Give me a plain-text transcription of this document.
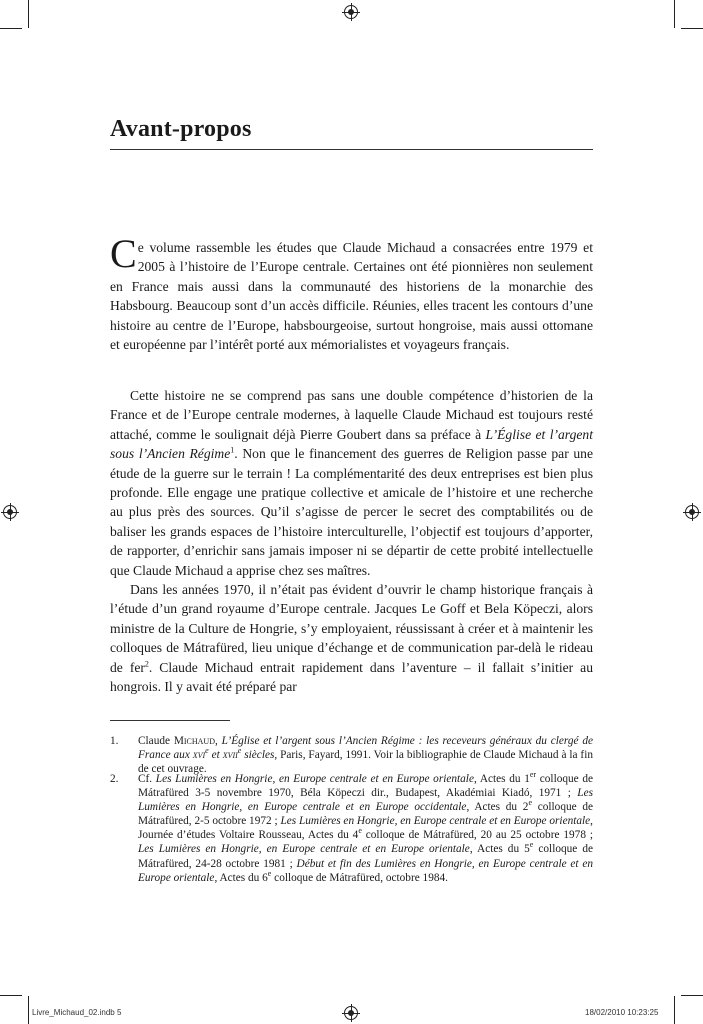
Avant-propos

Ce volume rassemble les études que Claude Michaud a consacrées entre 1979 et 2005 à l’histoire de l’Europe centrale. Certaines ont été pionnières non seulement en France mais aussi dans la communauté des historiens de la monarchie des Habsbourg. Beaucoup sont d’un accès difficile. Réunies, elles tracent les contours d’une histoire au centre de l’Europe, habsbourgeoise, surtout hongroise, mais aussi ottomane et européenne par l’intérêt porté aux mémorialistes et voyageurs français.

Cette histoire ne se comprend pas sans une double compétence d’historien de la France et de l’Europe centrale modernes, à laquelle Claude Michaud est toujours resté attaché, comme le soulignait déjà Pierre Goubert dans sa préface à L’Église et l’argent sous l’Ancien Régime$^1$. Non que le financement des guerres de Religion passe par une étude de la guerre sur le terrain ! La complémentarité des deux entreprises est bien plus profonde. Elle engage une pratique collective et amicale de l’histoire et une recherche au plus près des sources. Qu’il s’agisse de percer le secret des comptabilités ou de baliser les grands espaces de l’histoire interculturelle, l’objectif est toujours d’apporter, de rapporter, d’enrichir sans jamais imposer ni se départir de cette probité intellectuelle que Claude Michaud a apprise chez ses maîtres.

Dans les années 1970, il n’était pas évident d’ouvrir le champ historique français à l’étude d’un grand royaume d’Europe centrale. Jacques Le Goff et Bela Köpeczi, alors ministre de la Culture de Hongrie, s’y employaient, réussissant à créer et à maintenir les colloques de Mátrafüred, lieu unique d’échange et de communication par-delà le rideau de fer$^2$. Claude Michaud entrait rapidement dans l’aventure – il fallait s’initier au hongrois. Il y avait été préparé par

1. Claude Michaud, L’Église et l’argent sous l’Ancien Régime : les receveurs généraux du clergé de France aux xvi$^e$ et xvii$^e$ siècles, Paris, Fayard, 1991. Voir la bibliographie de Claude Michaud à la fin de cet ouvrage.
2. Cf. Les Lumières en Hongrie, en Europe centrale et en Europe orientale, Actes du 1er colloque de Mátrafüred 3-5 novembre 1970, Béla Köpeczi dir., Budapest, Akadémiai Kiadó, 1971 ; Les Lumières en Hongrie, en Europe centrale et en Europe occidentale, Actes du 2e colloque de Mátrafüred, 2-5 octobre 1972 ; Les Lumières en Hongrie, en Europe centrale et en Europe orientale, Journée d’études Voltaire Rousseau, Actes du 4e colloque de Mátrafüred, 20 au 25 octobre 1978 ; Les Lumières en Hongrie, en Europe centrale et en Europe orientale, Actes du 5e colloque de Mátrafüred, 24-28 octobre 1981 ; Début et fin des Lumières en Hongrie, en Europe centrale et en Europe orientale, Actes du 6e colloque de Mátrafüred, octobre 1984.
Livre_Michaud_02.indb 5	18/02/2010 10:23:25
